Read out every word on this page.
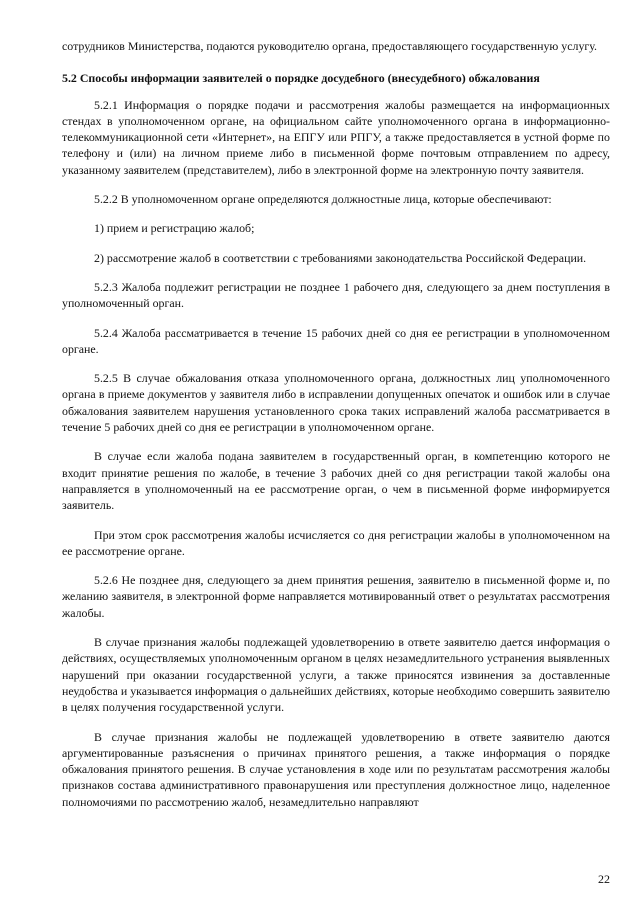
сотрудников Министерства, подаются руководителю органа, предоставляющего государственную услугу.

5.2 Способы информации заявителей о порядке досудебного (внесудебного) обжалования

5.2.1 Информация о порядке подачи и рассмотрения жалобы размещается на информационных стендах в уполномоченном органе, на официальном сайте уполномоченного органа в информационно-телекоммуникационной сети «Интернет», на ЕПГУ или РПГУ, а также предоставляется в устной форме по телефону и (или) на личном приеме либо в письменной форме почтовым отправлением по адресу, указанному заявителем (представителем), либо в электронной форме на электронную почту заявителя.

5.2.2 В уполномоченном органе определяются должностные лица, которые обеспечивают:

1) прием и регистрацию жалоб;

2) рассмотрение жалоб в соответствии с требованиями законодательства Российской Федерации.

5.2.3 Жалоба подлежит регистрации не позднее 1 рабочего дня, следующего за днем поступления в уполномоченный орган.

5.2.4 Жалоба рассматривается в течение 15 рабочих дней со дня ее регистрации в уполномоченном органе.

5.2.5 В случае обжалования отказа уполномоченного органа, должностных лиц уполномоченного органа в приеме документов у заявителя либо в исправлении допущенных опечаток и ошибок или в случае обжалования заявителем нарушения установленного срока таких исправлений жалоба рассматривается в течение 5 рабочих дней со дня ее регистрации в уполномоченном органе.

В случае если жалоба подана заявителем в государственный орган, в компетенцию которого не входит принятие решения по жалобе, в течение 3 рабочих дней со дня регистрации такой жалобы она направляется в уполномоченный на ее рассмотрение орган, о чем в письменной форме информируется заявитель.

При этом срок рассмотрения жалобы исчисляется со дня регистрации жалобы в уполномоченном на ее рассмотрение органе.

5.2.6 Не позднее дня, следующего за днем принятия решения, заявителю в письменной форме и, по желанию заявителя, в электронной форме направляется мотивированный ответ о результатах рассмотрения жалобы.

В случае признания жалобы подлежащей удовлетворению в ответе заявителю дается информация о действиях, осуществляемых уполномоченным органом в целях незамедлительного устранения выявленных нарушений при оказании государственной услуги, а также приносятся извинения за доставленные неудобства и указывается информация о дальнейших действиях, которые необходимо совершить заявителю в целях получения государственной услуги.

В случае признания жалобы не подлежащей удовлетворению в ответе заявителю даются аргументированные разъяснения о причинах принятого решения, а также информация о порядке обжалования принятого решения. В случае установления в ходе или по результатам рассмотрения жалобы признаков состава административного правонарушения или преступления должностное лицо, наделенное полномочиями по рассмотрению жалоб, незамедлительно направляют

22
